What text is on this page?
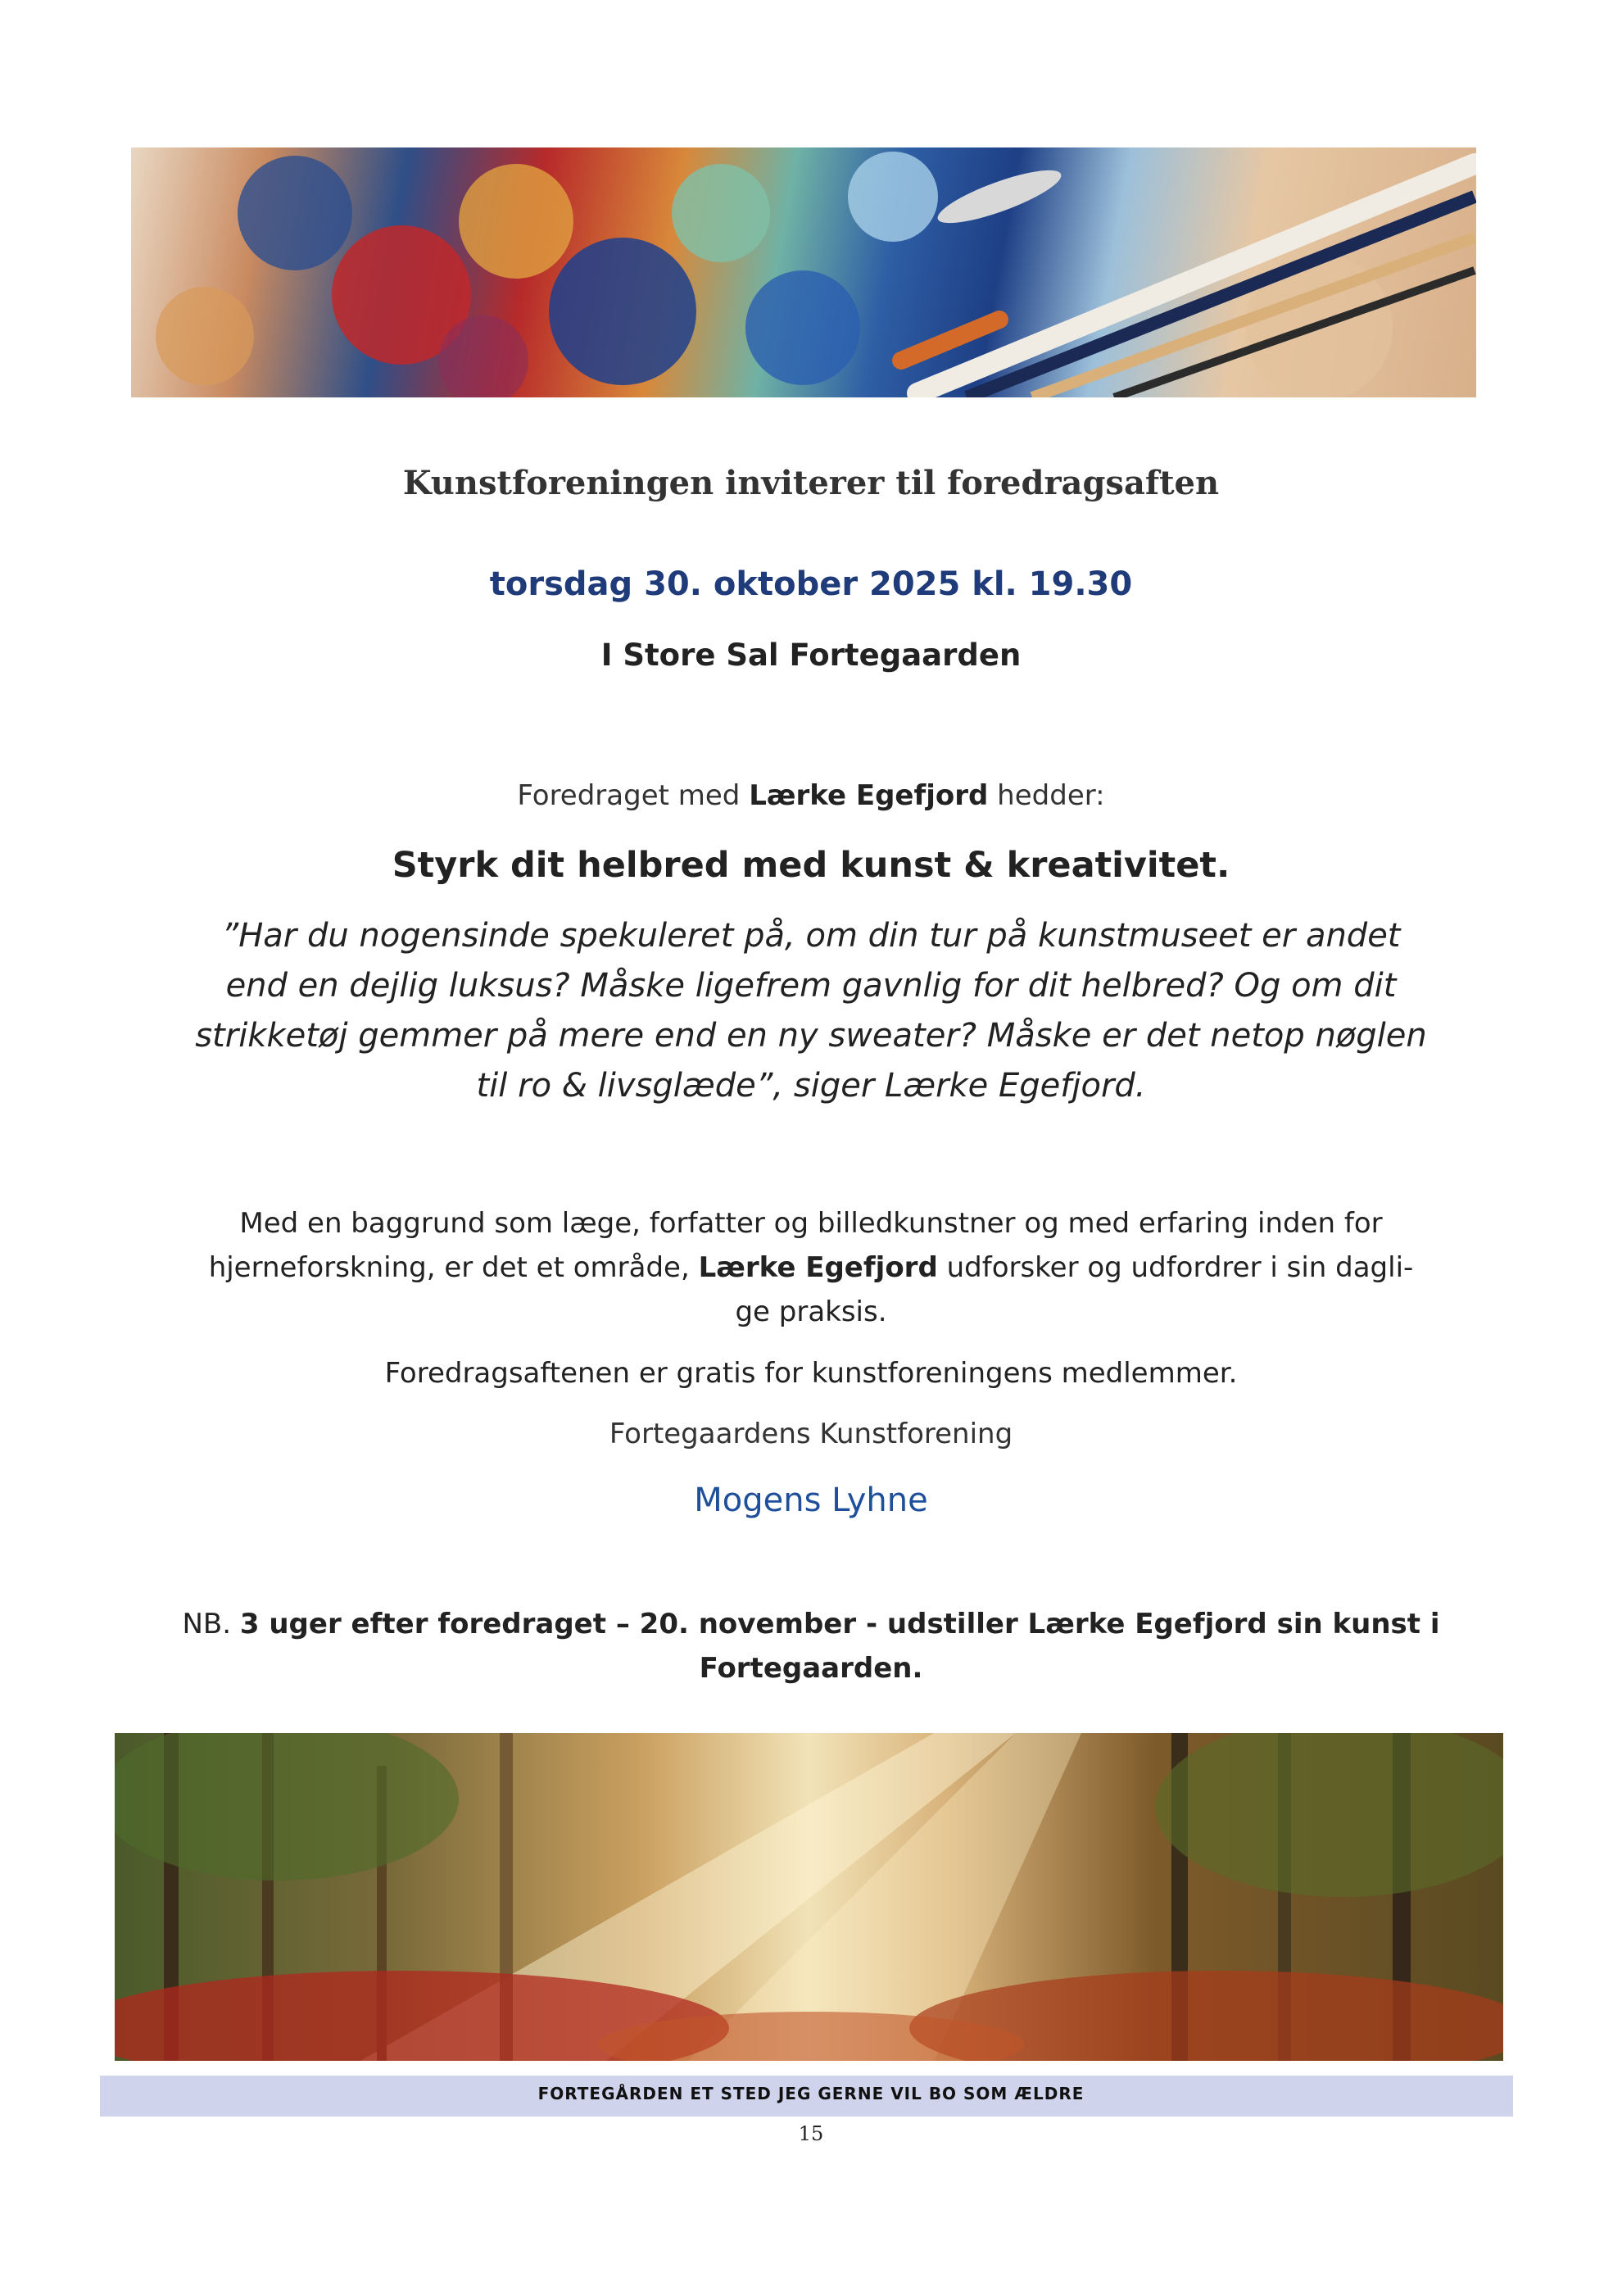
Kunstforeningen inviterer til foredragsaften
torsdag 30. oktober 2025 kl. 19.30
I Store Sal Fortegaarden
Foredraget med Lærke Egefjord hedder:
Styrk dit helbred med kunst & kreativitet.
”Har du nogensinde spekuleret på, om din tur på kunstmuseet er andet
end en dejlig luksus? Måske ligefrem gavnlig for dit helbred? Og om dit
strikketøj gemmer på mere end en ny sweater? Måske er det netop nøglen
til ro & livsglæde”, siger Lærke Egefjord.
Med en baggrund som læge, forfatter og billedkunstner og med erfaring inden for
hjerneforskning, er det et område, Lærke Egefjord udforsker og udfordrer i sin dagli-
ge praksis.
Foredragsaftenen er gratis for kunstforeningens medlemmer.
Fortegaardens Kunstforening
Mogens Lyhne
NB. 3 uger efter foredraget – 20. november - udstiller Lærke Egefjord sin kunst i
Fortegaarden.
FORTEGÅRDEN ET STED JEG GERNE VIL BO SOM ÆLDRE
15
